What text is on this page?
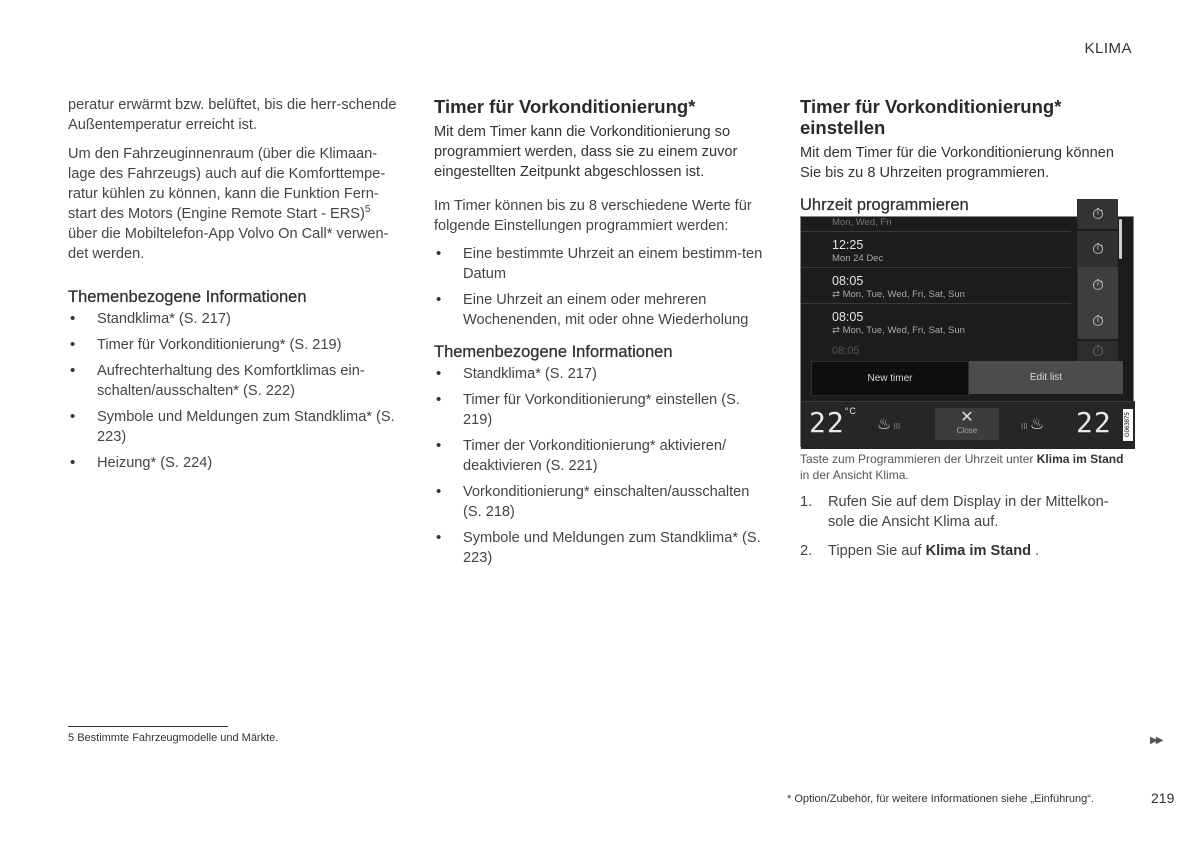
KLIMA

peratur erwärmt bzw. belüftet, bis die herr-schende Außentemperatur erreicht ist.

Um den Fahrzeuginnenraum (über die Klimaan-lage des Fahrzeugs) auch auf die Komforttempe-ratur kühlen zu können, kann die Funktion Fern-start des Motors (Engine Remote Start - ERS)$^5$ über die Mobiltelefon-App Volvo On Call* verwen-det werden.

Themenbezogene Informationen
• Standklima* (S. 217)
• Timer für Vorkonditionierung* (S. 219)
• Aufrechterhaltung des Komfortklimas ein-schalten/ausschalten* (S. 222)
• Symbole und Meldungen zum Standklima* (S. 223)
• Heizung* (S. 224)
Timer für Vorkonditionierung*

Mit dem Timer kann die Vorkonditionierung so programmiert werden, dass sie zu einem zuvor eingestellten Zeitpunkt abgeschlossen ist.

Im Timer können bis zu 8 verschiedene Werte für folgende Einstellungen programmiert werden:

• Eine bestimmte Uhrzeit an einem bestimm-ten Datum
• Eine Uhrzeit an einem oder mehreren Wochenenden, mit oder ohne Wiederholung
Themenbezogene Informationen
• Standklima* (S. 217)
• Timer für Vorkonditionierung* einstellen (S. 219)
• Timer der Vorkonditionierung* aktivieren/ deaktivieren (S. 221)
• Vorkonditionierung* einschalten/ausschalten (S. 218)
• Symbole und Meldungen zum Standklima* (S. 223)
Timer für Vorkonditionierung* einstellen

Mit dem Timer für die Vorkonditionierung können Sie bis zu 8 Uhrzeiten programmieren.

Uhrzeit programmieren
Mon, Wed, Fri	⏱
12:25
Mon 24 Dec
⏱
08:05
⇄ Mon, Tue, Wed, Fri, Sat, Sun
⏱
08:05
⇄ Mon, Tue, Wed, Fri, Sat, Sun
⏱
08:05	⏱
New timer	Edit list
$22^{^\circ C}$
♨ III
✕
Close	III ♨ 22	G063875
Taste zum Programmieren der Uhrzeit unter Klima im Stand in der Ansicht Klima.
1. Rufen Sie auf dem Display in der Mittelkon-sole die Ansicht Klima auf.
2. Tippen Sie auf Klima im Stand .
5 Bestimmte Fahrzeugmodelle und Märkte.	▶▶
* Option/Zubehör, für weitere Informationen siehe „Einführung“.	219
